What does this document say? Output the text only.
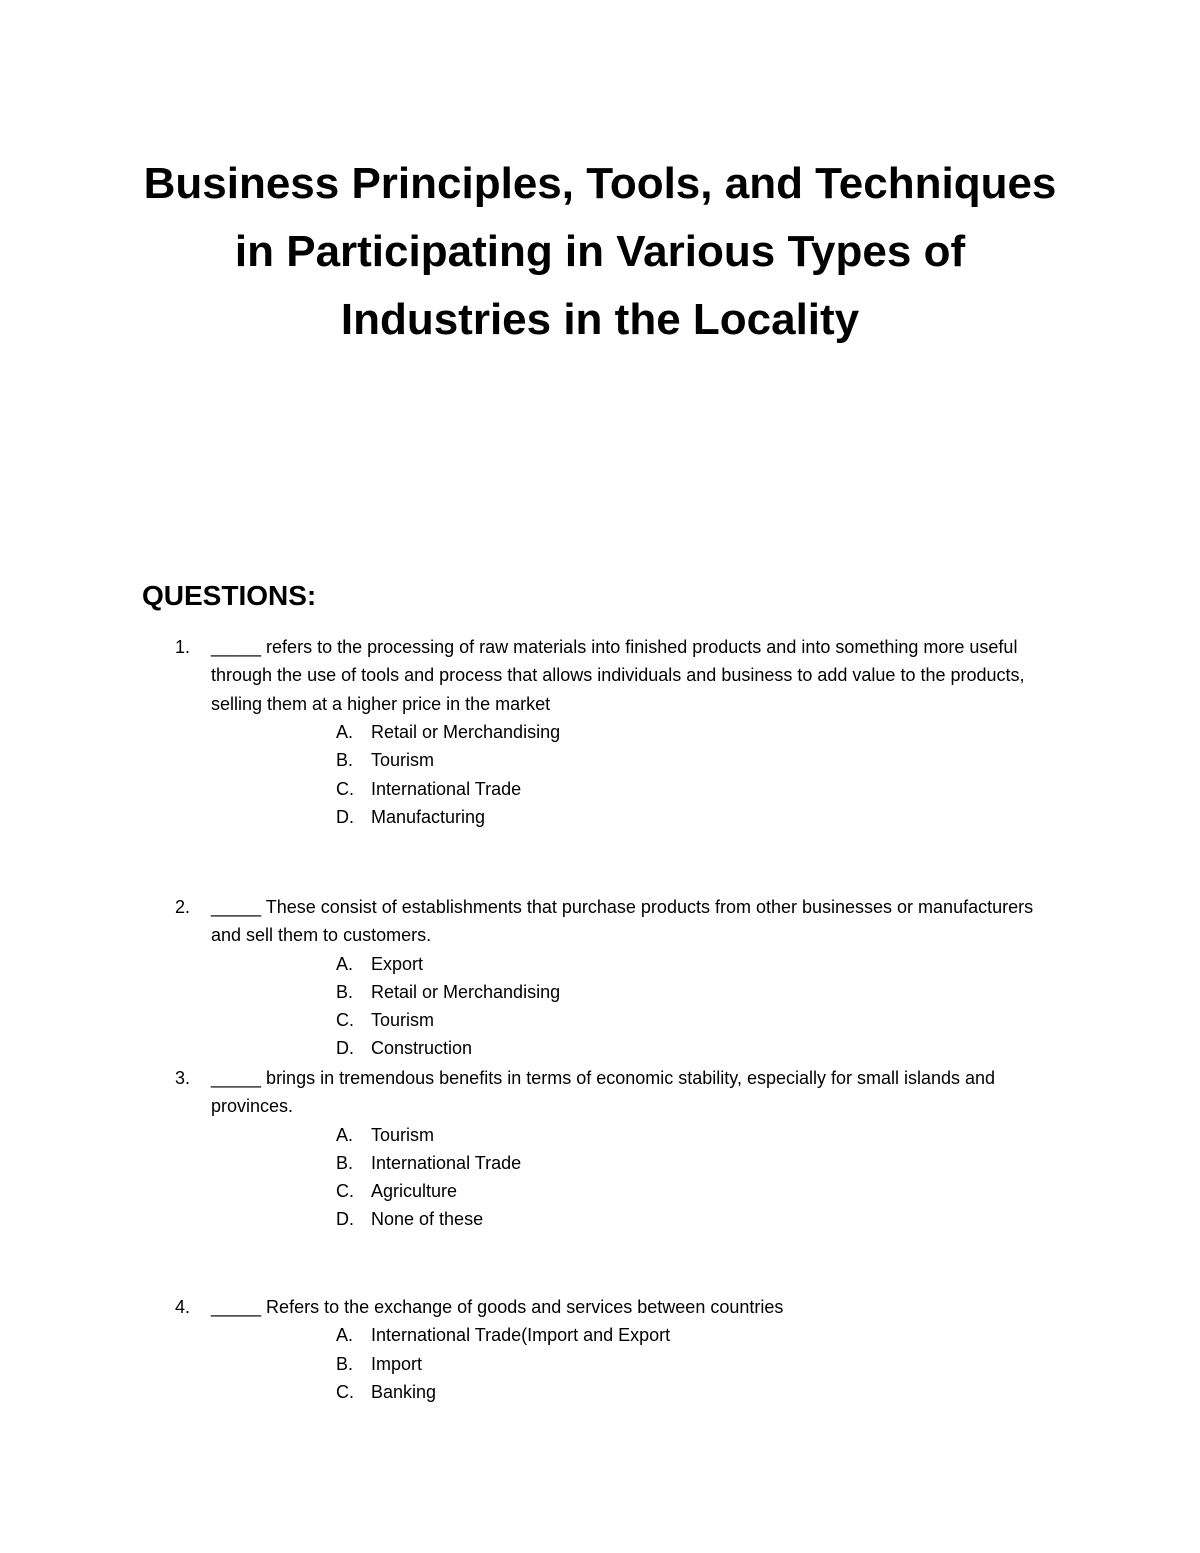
Business Principles, Tools, and Techniques
in Participating in Various Types of
Industries in the Locality
QUESTIONS:
1. _____ refers to the processing of raw materials into finished products and into something more useful through the use of tools and process that allows individuals and business to add value to the products, selling them at a higher price in the market
A. Retail or Merchandising
B. Tourism
C. International Trade
D. Manufacturing
2. _____ These consist of establishments that purchase products from other businesses or manufacturers and sell them to customers.
A. Export
B. Retail or Merchandising
C. Tourism
D. Construction
3. _____ brings in tremendous benefits in terms of economic stability, especially for small islands and provinces.
A. Tourism
B. International Trade
C. Agriculture
D. None of these
4. _____ Refers to the exchange of goods and services between countries
A. International Trade(Import and Export
B. Import
C. Banking
